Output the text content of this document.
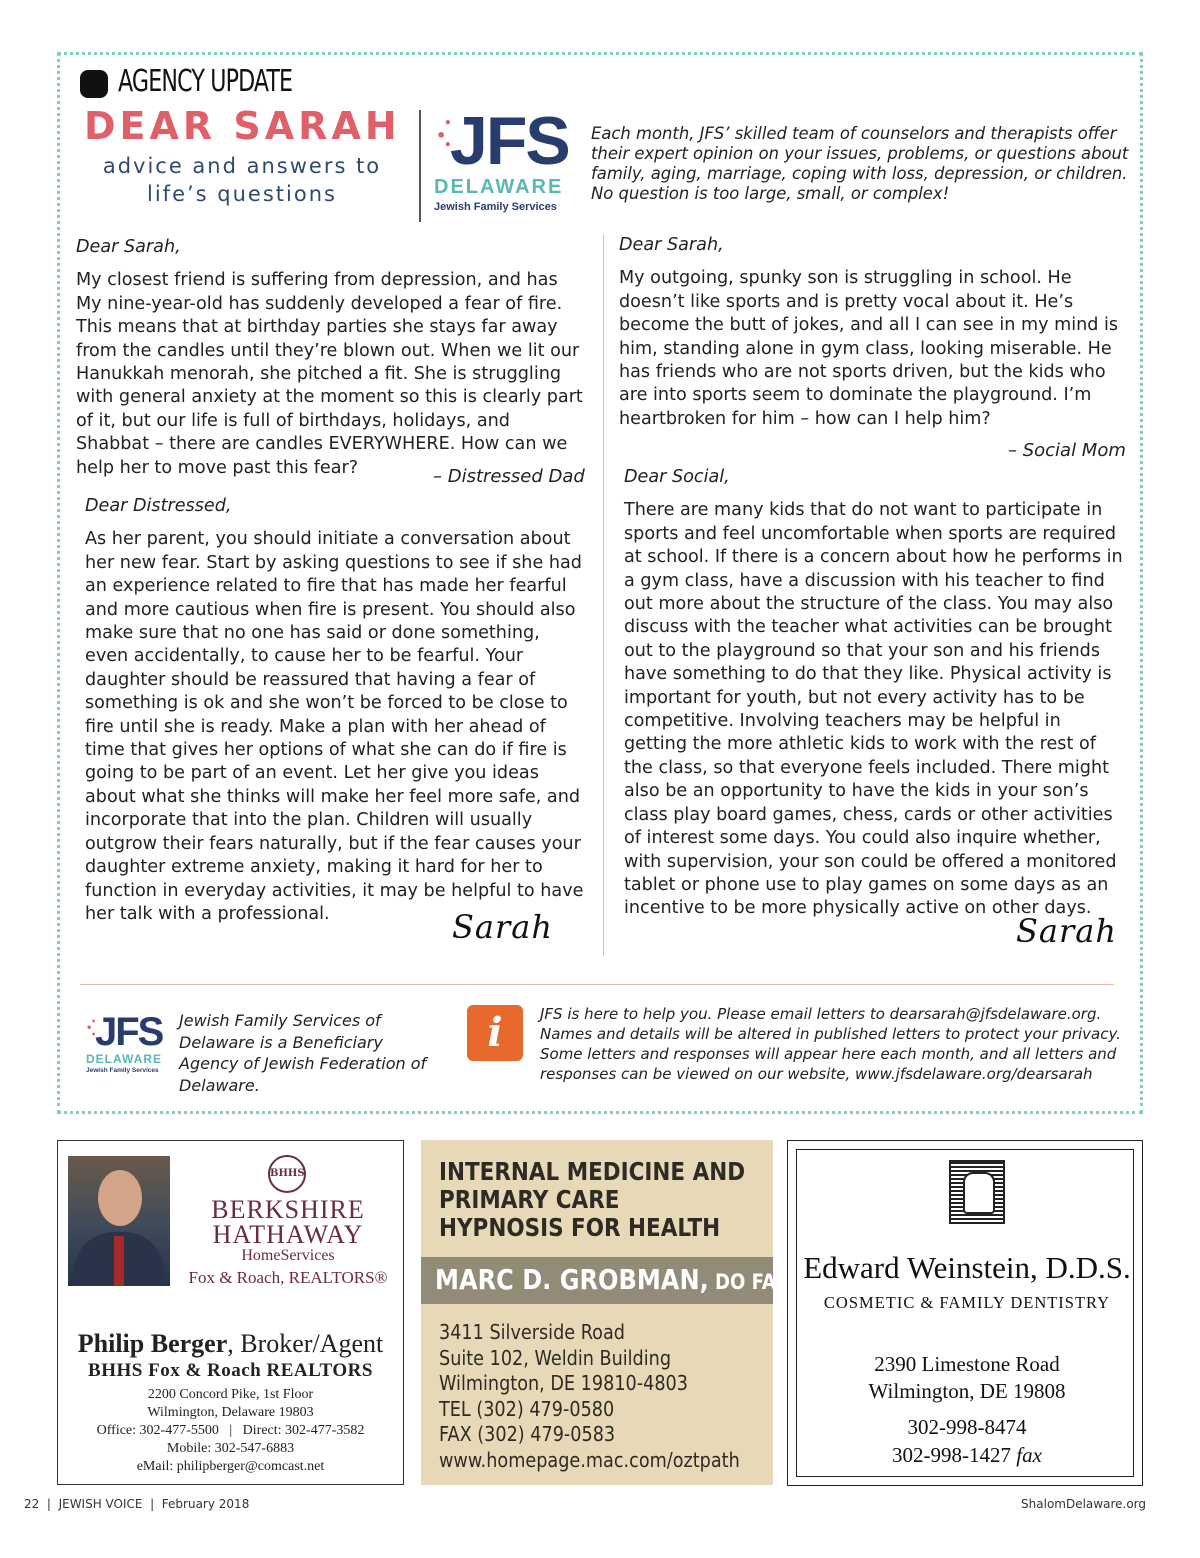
AGENCY UPDATE
DEAR SARAH
advice and answers to
life’s questions
•
•
•
JFS
DELAWARE
Jewish Family Services
Each month, JFS’ skilled team of counselors and therapists offer their expert opinion on your issues, problems, or questions about family, aging, marriage, coping with loss, depression, or children. No question is too large, small, or complex!
Dear Sarah,
My closest friend is suffering from depression, and has My nine-year-old has suddenly developed a fear of fire. This means that at birthday parties she stays far away from the candles until they’re blown out. When we lit our Hanukkah menorah, she pitched a fit. She is struggling with general anxiety at the moment so this is clearly part of it, but our life is full of birthdays, holidays, and Shabbat – there are candles EVERYWHERE. How can we help her to move past this fear?	– Distressed Dad
Dear Distressed,
As her parent, you should initiate a conversation about her new fear. Start by asking questions to see if she had an experience related to fire that has made her fearful and more cautious when fire is present. You should also make sure that no one has said or done something, even accidentally, to cause her to be fearful. Your daughter should be reassured that having a fear of something is ok and she won’t be forced to be close to fire until she is ready. Make a plan with her ahead of time that gives her options of what she can do if fire is going to be part of an event. Let her give you ideas about what she thinks will make her feel more safe, and incorporate that into the plan. Children will usually outgrow their fears naturally, but if the fear causes your daughter extreme anxiety, making it hard for her to function in everyday activities, it may be helpful to have her talk with a professional.	Sarah
Dear Sarah,
My outgoing, spunky son is struggling in school. He doesn’t like sports and is pretty vocal about it. He’s become the butt of jokes, and all I can see in my mind is him, standing alone in gym class, looking miserable. He has friends who are not sports driven, but the kids who are into sports seem to dominate the playground. I’m heartbroken for him – how can I help him?
– Social Mom
Dear Social,
There are many kids that do not want to participate in sports and feel uncomfortable when sports are required at school. If there is a concern about how he performs in a gym class, have a discussion with his teacher to find out more about the structure of the class. You may also discuss with the teacher what activities can be brought out to the playground so that your son and his friends have something to do that they like. Physical activity is important for youth, but not every activity has to be competitive. Involving teachers may be helpful in getting the more athletic kids to work with the rest of the class, so that everyone feels included. There might also be an opportunity to have the kids in your son’s class play board games, chess, cards or other activities of interest some days. You could also inquire whether, with supervision, your son could be offered a monitored tablet or phone use to play games on some days as an incentive to be more physically active on other days.
Sarah
•
•
•
JFS
DELAWARE
Jewish Family Services
Jewish Family Services of Delaware is a Beneficiary Agency of Jewish Federation of Delaware.
i	JFS is here to help you. Please email letters to dearsarah@jfsdelaware.org. Names and details will be altered in published letters to protect your privacy. Some letters and responses will appear here each month, and all letters and responses can be viewed on our website, www.jfsdelaware.org/dearsarah
BHHS
BERKSHIRE
HATHAWAY
HomeServices
Fox & Roach, REALTORS®
Philip Berger, Broker/Agent
BHHS Fox & Roach REALTORS
2200 Concord Pike, 1st Floor
Wilmington, Delaware 19803
Office: 302-477-5500   |   Direct: 302-477-3582
Mobile: 302-547-6883
eMail: philipberger@comcast.net
INTERNAL MEDICINE AND
PRIMARY CARE
HYPNOSIS FOR HEALTH
MARC D. GROBMAN, DO FACP
3411 Silverside Road
Suite 102, Weldin Building
Wilmington, DE 19810-4803
TEL (302) 479-0580
FAX (302) 479-0583
www.homepage.mac.com/oztpath
Edward Weinstein, D.D.S.
COSMETIC & FAMILY DENTISTRY
2390 Limestone Road
Wilmington, DE 19808
302-998-8474
302-998-1427 fax
22  |  JEWISH VOICE  |  February 2018	ShalomDelaware.org
